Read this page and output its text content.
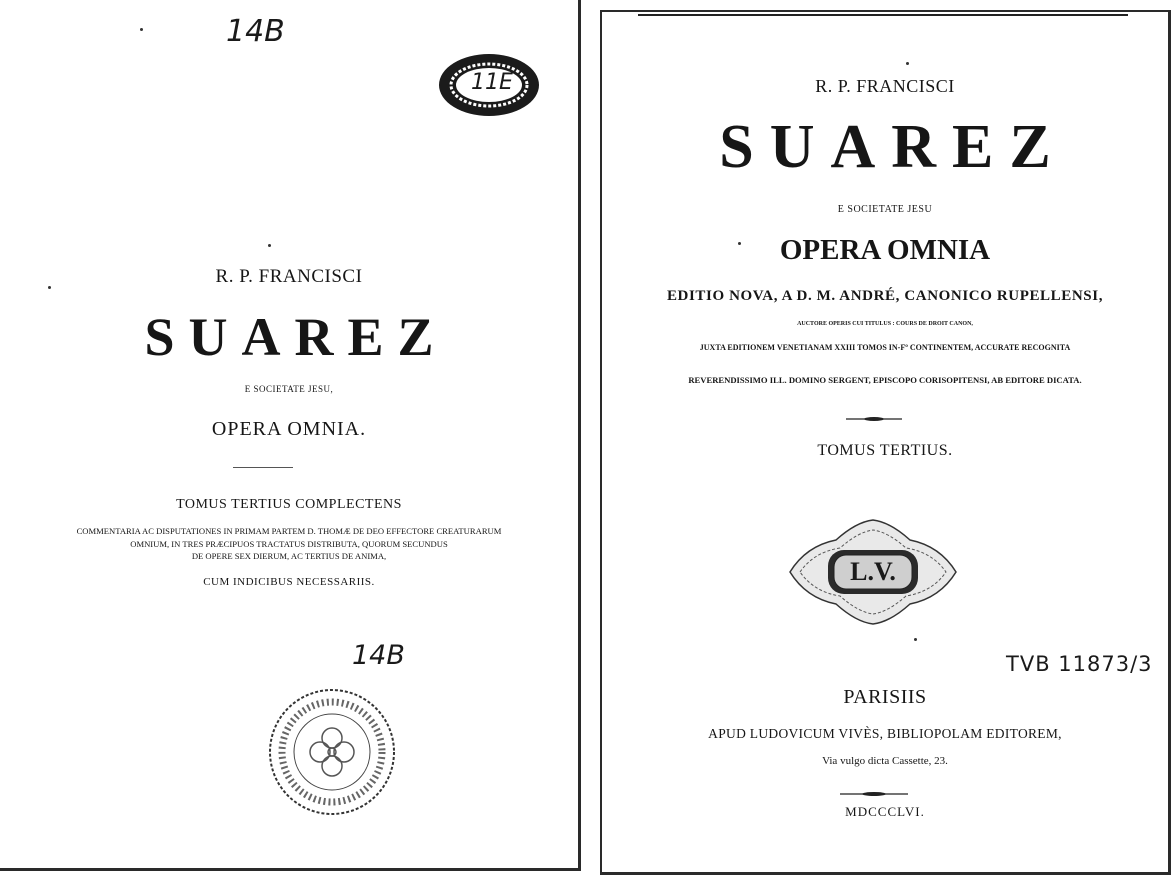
14B
11E
R. P. FRANCISCI
SUAREZ
E SOCIETATE JESU,
OPERA OMNIA.
TOMUS TERTIUS COMPLECTENS
COMMENTARIA AC DISPUTATIONES IN PRIMAM PARTEM D. THOMÆ DE DEO EFFECTORE CREATURARUM
OMNIUM, IN TRES PRÆCIPUOS TRACTATUS DISTRIBUTA, QUORUM SECUNDUS
DE OPERE SEX DIERUM, AC TERTIUS DE ANIMA,
CUM INDICIBUS NECESSARIIS.
14B
R. P. FRANCISCI
SUAREZ
E SOCIETATE JESU
OPERA OMNIA
EDITIO NOVA, A D. M. ANDRÉ, CANONICO RUPELLENSI,
AUCTORE OPERIS CUI TITULUS : COURS DE DROIT CANON,
JUXTA EDITIONEM VENETIANAM XXIII TOMOS IN-Fº CONTINENTEM, ACCURATE RECOGNITA
REVERENDISSIMO ILL. DOMINO SERGENT, EPISCOPO CORISOPITENSI, AB EDITORE DICATA.
TOMUS TERTIUS.
L.V.
TVB 11873/3
PARISIIS
APUD LUDOVICUM VIVÈS, BIBLIOPOLAM EDITOREM,
Via vulgo dicta Cassette, 23.
MDCCCLVI.
